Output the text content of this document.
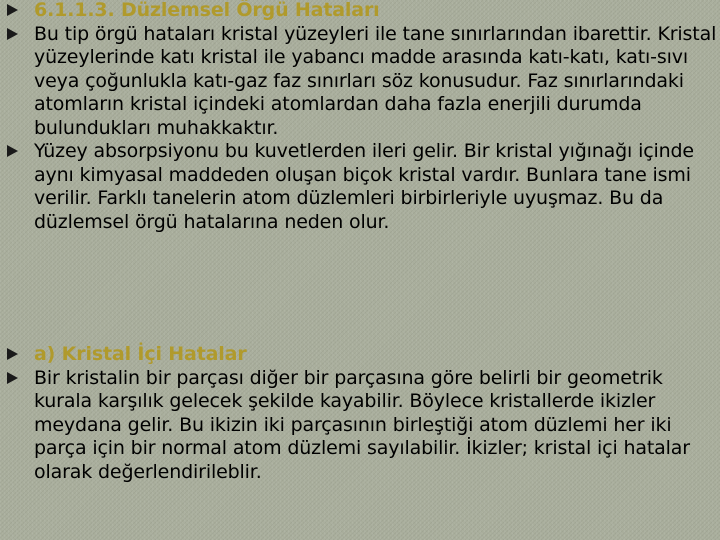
6.1.1.3. Düzlemsel Örgü Hataları
Bu tip örgü hataları kristal yüzeyleri ile tane sınırlarından ibarettir. Kristal yüzeylerinde katı kristal ile yabancı madde arasında katı-katı, katı-sıvı veya çoğunlukla katı-gaz faz sınırları söz konusudur. Faz sınırlarındaki atomların kristal içindeki atomlardan daha fazla enerjili durumda bulundukları muhakkaktır.
Yüzey absorpsiyonu bu kuvetlerden ileri gelir. Bir kristal yığınağı içinde aynı kimyasal maddeden oluşan biçok kristal vardır. Bunlara tane ismi verilir. Farklı tanelerin atom düzlemleri birbirleriyle uyuşmaz. Bu da düzlemsel örgü hatalarına neden olur.
a) Kristal İçi Hatalar
Bir kristalin bir parçası diğer bir parçasına göre belirli bir geometrik kurala karşılık gelecek şekilde kayabilir. Böylece kristallerde ikizler meydana gelir. Bu ikizin iki parçasının birleştiği atom düzlemi her iki parça için bir normal atom düzlemi sayılabilir. İkizler; kristal içi hatalar olarak değerlendirileblir.
